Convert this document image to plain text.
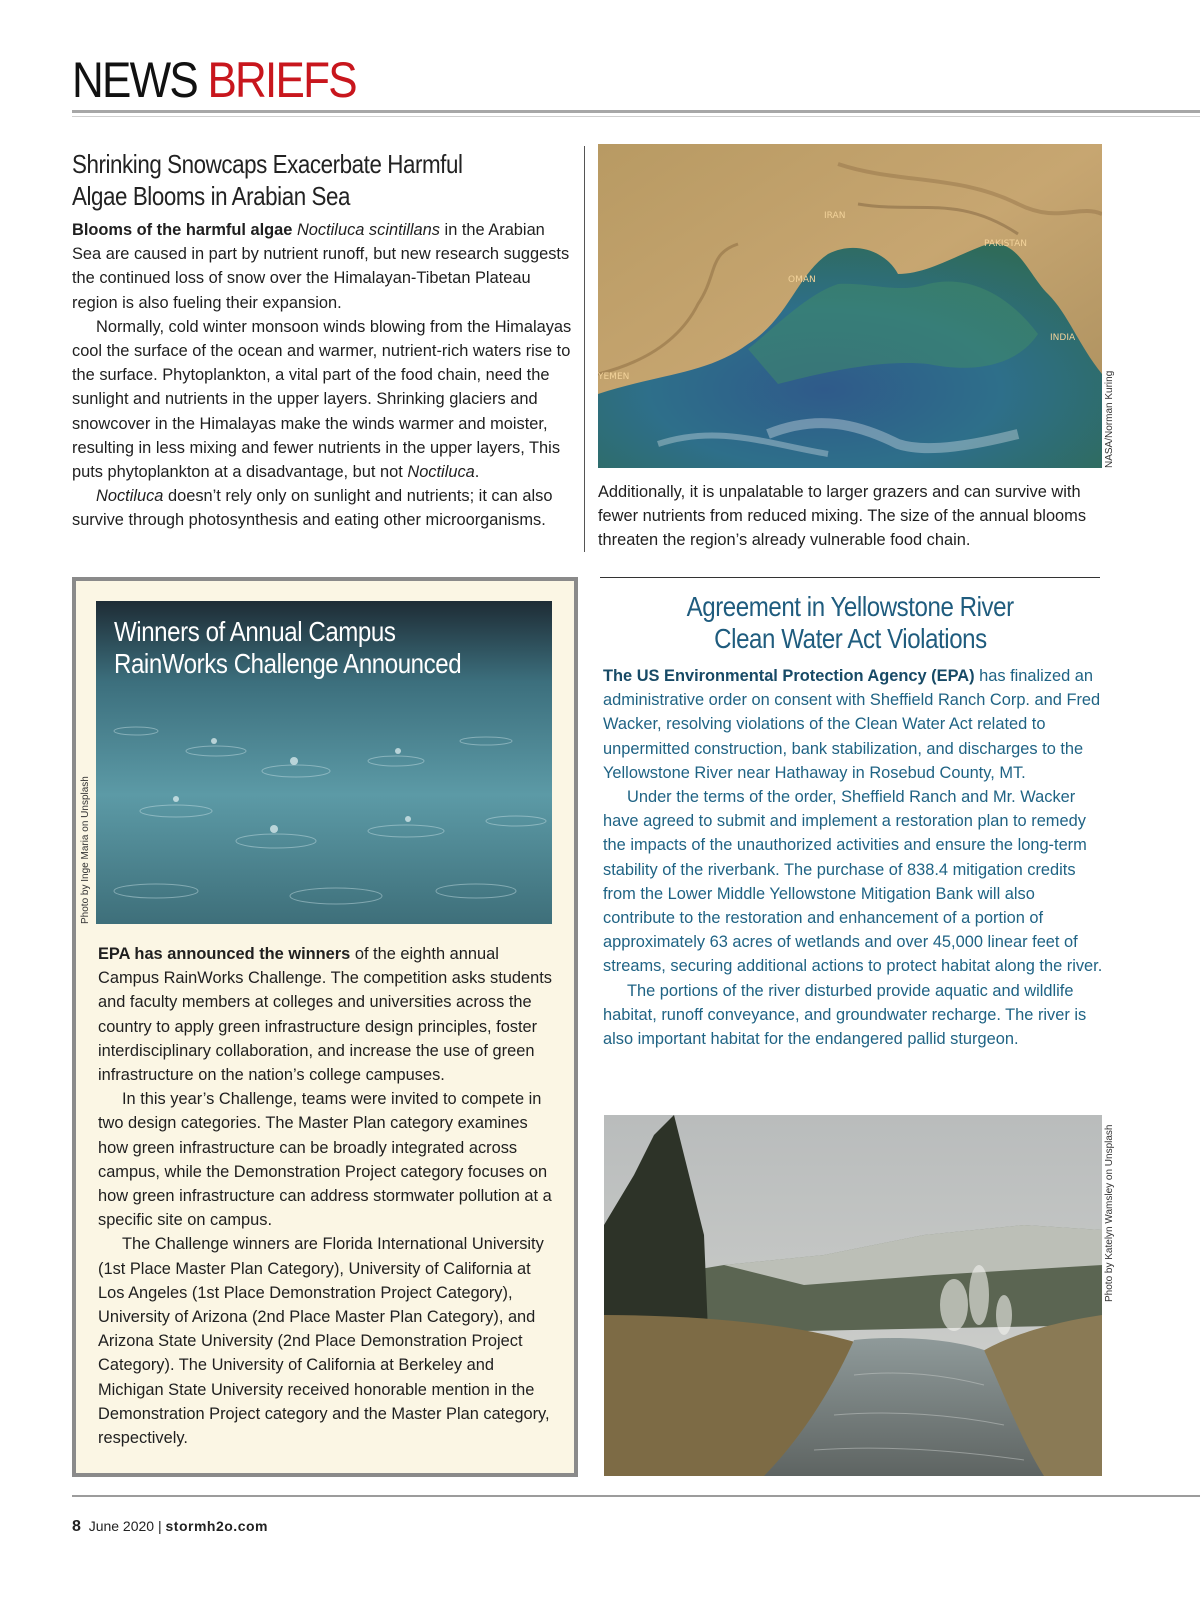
NEWS BRIEFS
Shrinking Snowcaps Exacerbate Harmful
Algae Blooms in Arabian Sea

Blooms of the harmful algae Noctiluca scintillans in the Arabian Sea are caused in part by nutrient runoff, but new research suggests the continued loss of snow over the Himalayan-Tibetan Plateau region is also fueling their expansion.

Normally, cold winter monsoon winds blowing from the Himalayas cool the surface of the ocean and warmer, nutrient-rich waters rise to the surface. Phytoplankton, a vital part of the food chain, need the sunlight and nutrients in the upper layers. Shrinking glaciers and snowcover in the Himalayas make the winds warmer and moister, resulting in less mixing and fewer nutrients in the upper layers, This puts phytoplankton at a disadvantage, but not Noctiluca.

Noctiluca doesn’t rely only on sunlight and nutrients; it can also survive through photosynthesis and eating other microorganisms.

IRAN
PAKISTAN
OMAN
INDIA
YEMEN	NASA/Norman Kuring

Additionally, it is unpalatable to larger grazers and can survive with fewer nutrients from reduced mixing. The size of the annual blooms threaten the region’s already vulnerable food chain.

Winners of Annual Campus
RainWorks Challenge Announced
Photo by Inge Maria on Unsplash

EPA has announced the winners of the eighth annual Campus RainWorks Challenge. The competition asks students and faculty members at colleges and universities across the country to apply green infrastructure design principles, foster interdisciplinary collaboration, and increase the use of green infrastructure on the nation’s college campuses.

In this year’s Challenge, teams were invited to compete in two design categories. The Master Plan category examines how green infrastructure can be broadly integrated across campus, while the Demonstration Project category focuses on how green infrastructure can address stormwater pollution at a specific site on campus.

The Challenge winners are Florida International University (1st Place Master Plan Category), University of California at Los Angeles (1st Place Demonstration Project Category), University of Arizona (2nd Place Master Plan Category), and Arizona State University (2nd Place Demonstration Project Category). The University of California at Berkeley and Michigan State University received honorable mention in the Demonstration Project category and the Master Plan category, respectively.

Agreement in Yellowstone River
Clean Water Act Violations

The US Environmental Protection Agency (EPA) has finalized an administrative order on consent with Sheffield Ranch Corp. and Fred Wacker, resolving violations of the Clean Water Act related to unpermitted construction, bank stabilization, and discharges to the Yellowstone River near Hathaway in Rosebud County, MT.

Under the terms of the order, Sheffield Ranch and Mr. Wacker have agreed to submit and implement a restoration plan to remedy the impacts of the unauthorized activities and ensure the long-term stability of the riverbank. The purchase of 838.4 mitigation credits from the Lower Middle Yellowstone Mitigation Bank will also contribute to the restoration and enhancement of a portion of approximately 63 acres of wetlands and over 45,000 linear feet of streams, securing additional actions to protect habitat along the river.

The portions of the river disturbed provide aquatic and wildlife habitat, runoff conveyance, and groundwater recharge. The river is also important habitat for the endangered pallid sturgeon.

Photo by Katelyn Wamsley on Unsplash
8 June 2020 | stormh2o.com
